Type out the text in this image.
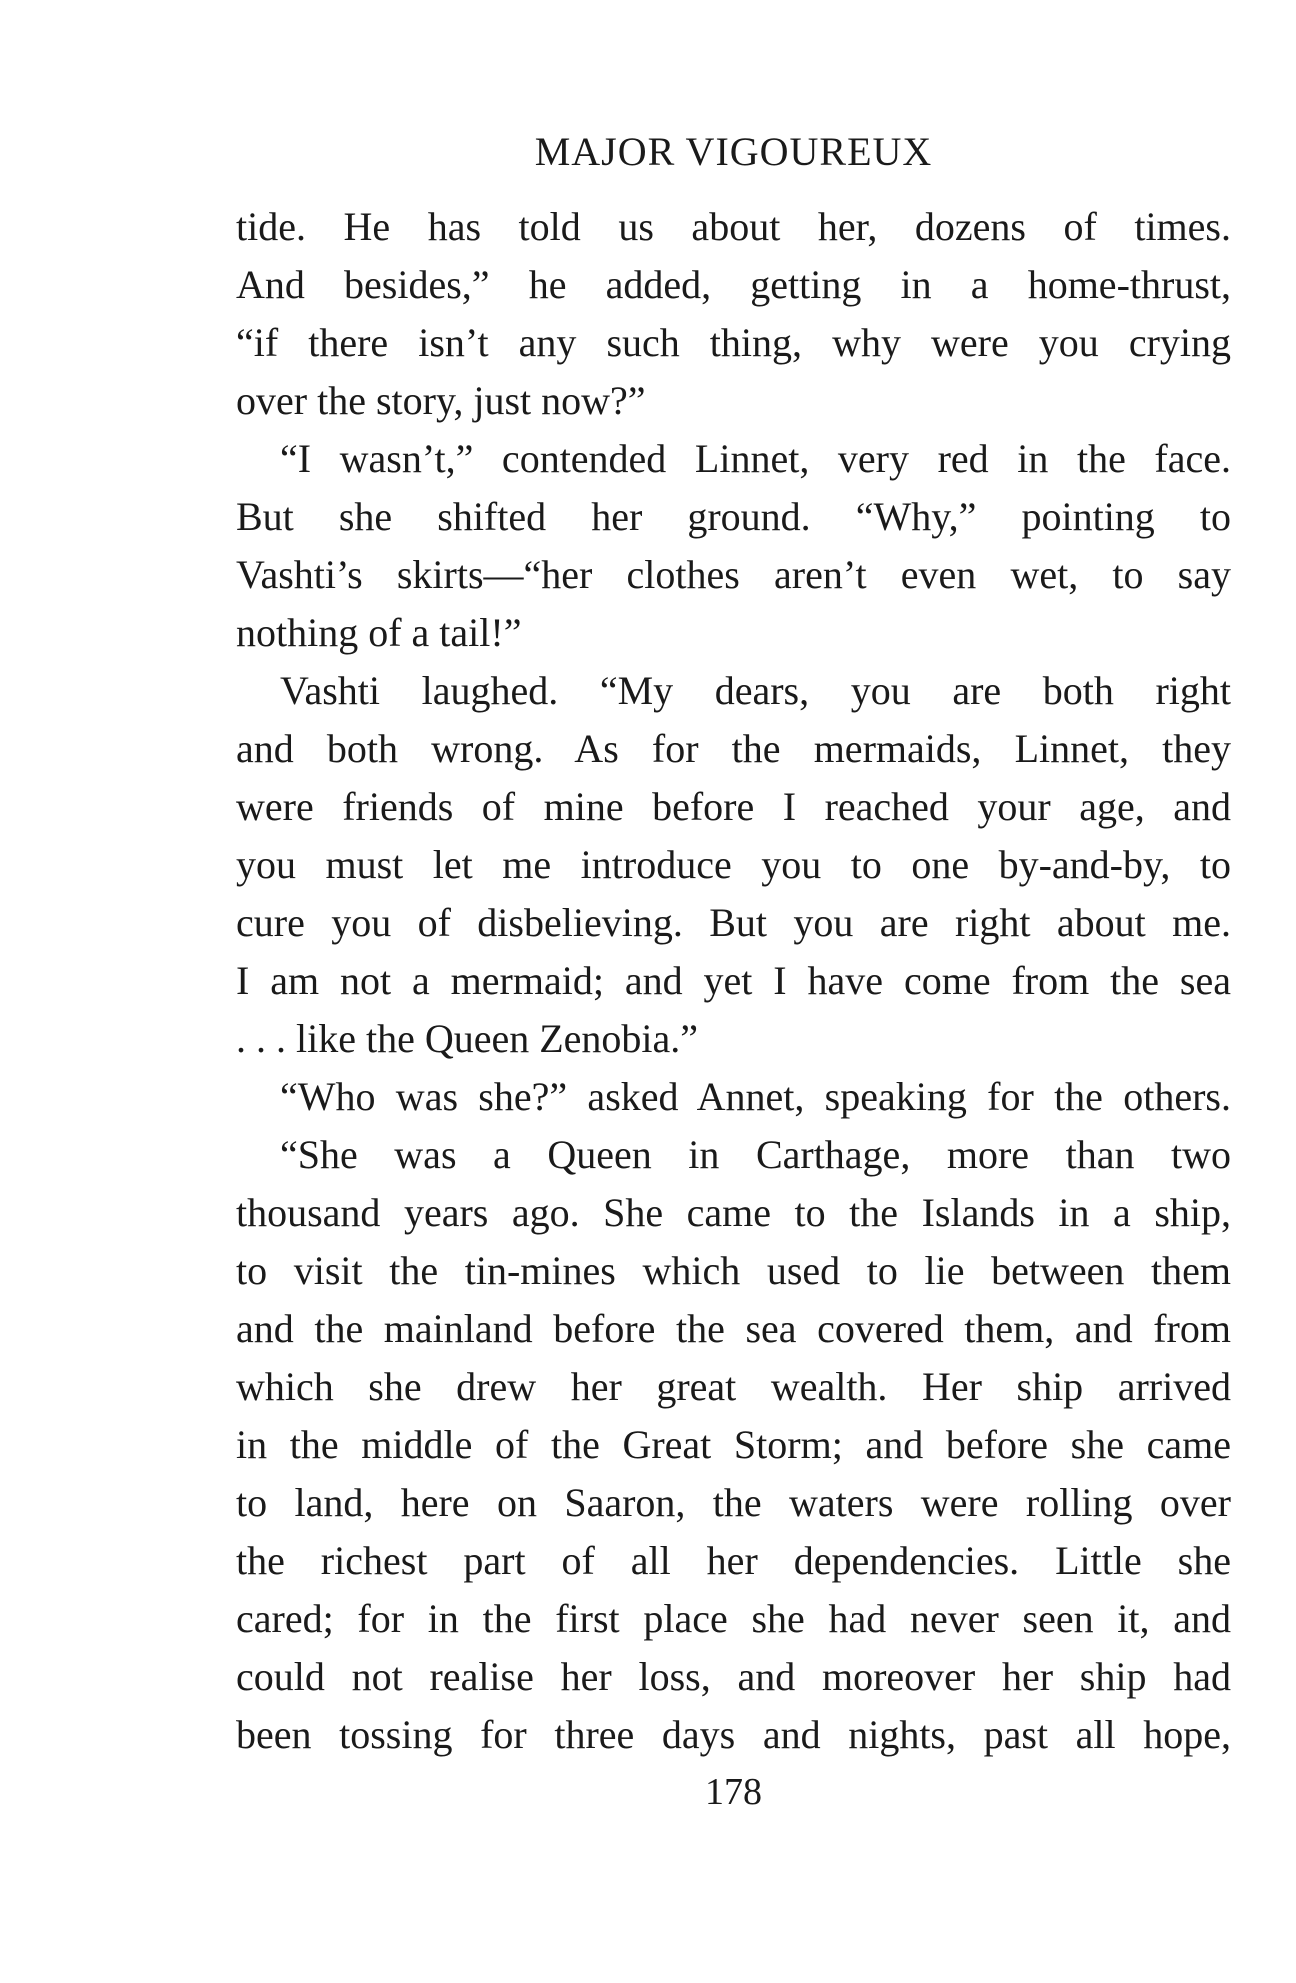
MAJOR VIGOUREUX
tide. He has told us about her, dozens of times.
And besides,” he added, getting in a home-thrust,
“if there isn’t any such thing, why were you crying
over the story, just now?”
“I wasn’t,” contended Linnet, very red in the face.
But she shifted her ground. “Why,” pointing to
Vashti’s skirts—“her clothes aren’t even wet, to say
nothing of a tail!”
Vashti laughed. “My dears, you are both right
and both wrong. As for the mermaids, Linnet, they
were friends of mine before I reached your age, and
you must let me introduce you to one by-and-by, to
cure you of disbelieving. But you are right about me.
I am not a mermaid; and yet I have come from the sea
. . . like the Queen Zenobia.”
“Who was she?” asked Annet, speaking for the others.
“She was a Queen in Carthage, more than two
thousand years ago. She came to the Islands in a ship,
to visit the tin-mines which used to lie between them
and the mainland before the sea covered them, and from
which she drew her great wealth. Her ship arrived
in the middle of the Great Storm; and before she came
to land, here on Saaron, the waters were rolling over
the richest part of all her dependencies. Little she
cared; for in the first place she had never seen it, and
could not realise her loss, and moreover her ship had
been tossing for three days and nights, past all hope,
178
